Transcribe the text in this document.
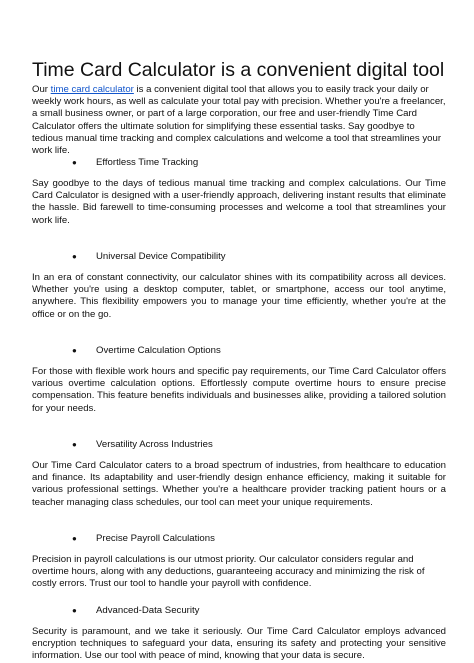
Time Card Calculator is a convenient digital tool

Our time card calculator is a convenient digital tool that allows you to easily track your daily or weekly work hours, as well as calculate your total pay with precision. Whether you're a freelancer, a small business owner, or part of a large corporation, our free and user-friendly Time Card Calculator offers the ultimate solution for simplifying these essential tasks. Say goodbye to tedious manual time tracking and complex calculations and welcome a tool that streamlines your work life.

● Effortless Time Tracking

Say goodbye to the days of tedious manual time tracking and complex calculations. Our Time Card Calculator is designed with a user-friendly approach, delivering instant results that eliminate the hassle. Bid farewell to time-consuming processes and welcome a tool that streamlines your work life.

● Universal Device Compatibility

In an era of constant connectivity, our calculator shines with its compatibility across all devices. Whether you're using a desktop computer, tablet, or smartphone, access our tool anytime, anywhere. This flexibility empowers you to manage your time efficiently, whether you're at the office or on the go.

● Overtime Calculation Options

For those with flexible work hours and specific pay requirements, our Time Card Calculator offers various overtime calculation options. Effortlessly compute overtime hours to ensure precise compensation. This feature benefits individuals and businesses alike, providing a tailored solution for your needs.

● Versatility Across Industries

Our Time Card Calculator caters to a broad spectrum of industries, from healthcare to education and finance. Its adaptability and user-friendly design enhance efficiency, making it suitable for various professional settings. Whether you're a healthcare provider tracking patient hours or a teacher managing class schedules, our tool can meet your unique requirements.

● Precise Payroll Calculations

Precision in payroll calculations is our utmost priority. Our calculator considers regular and overtime hours, along with any deductions, guaranteeing accuracy and minimizing the risk of costly errors. Trust our tool to handle your payroll with confidence.

● Advanced-Data Security

Security is paramount, and we take it seriously. Our Time Card Calculator employs advanced encryption techniques to safeguard your data, ensuring its safety and protecting your sensitive information. Use our tool with peace of mind, knowing that your data is secure.
